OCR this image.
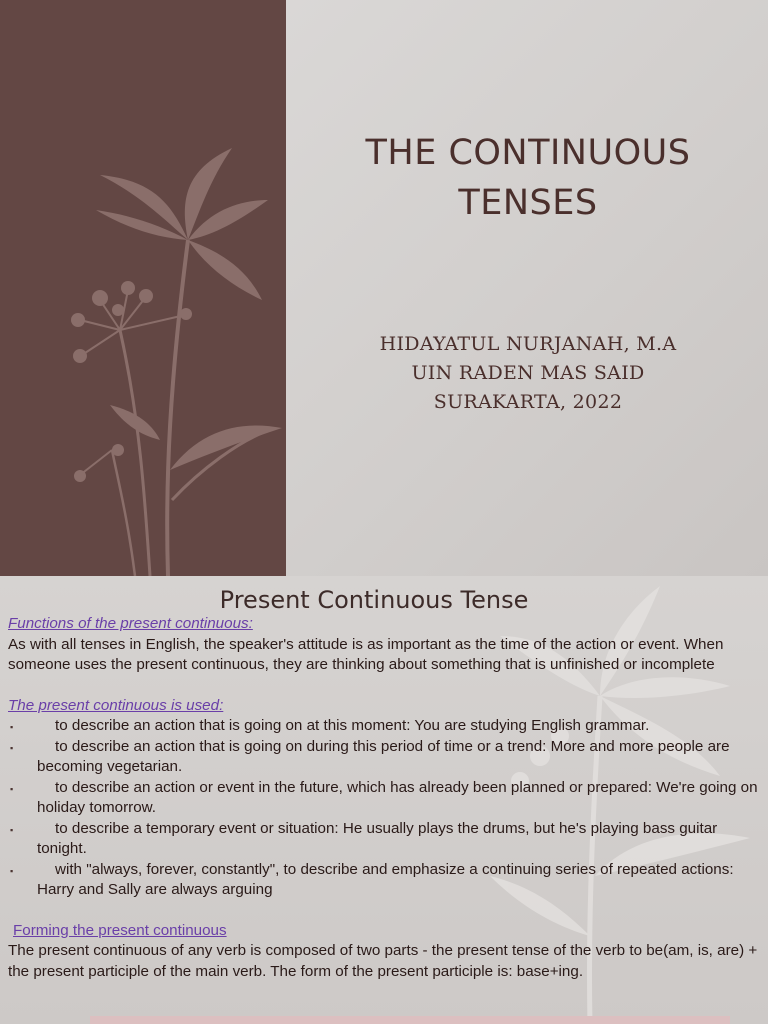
THE CONTINUOUS
TENSES
HIDAYATUL NURJANAH, M.A
UIN RADEN MAS SAID
SURAKARTA, 2022
Present Continuous Tense
Functions of the present continuous:
As with all tenses in English, the speaker's attitude is as important as the time of the action or event. When someone uses the present continuous, they are thinking about something that is unfinished or incomplete
The present continuous is used:
▪	to describe an action that is going on at this moment: You are studying English grammar.
▪	to describe an action that is going on during this period of time or a trend: More and more people are becoming vegetarian.
▪	to describe an action or event in the future, which has already been planned or prepared: We're going on holiday tomorrow.
▪	to describe a temporary event or situation: He usually plays the drums, but he's playing bass guitar tonight.
▪	with "always, forever, constantly", to describe and emphasize a continuing series of repeated actions: Harry and Sally are always arguing
Forming the present continuous
The present continuous of any verb is composed of two parts - the present tense of the verb to be(am, is, are) + the present participle of the main verb. The form of the present participle is: base+ing.
